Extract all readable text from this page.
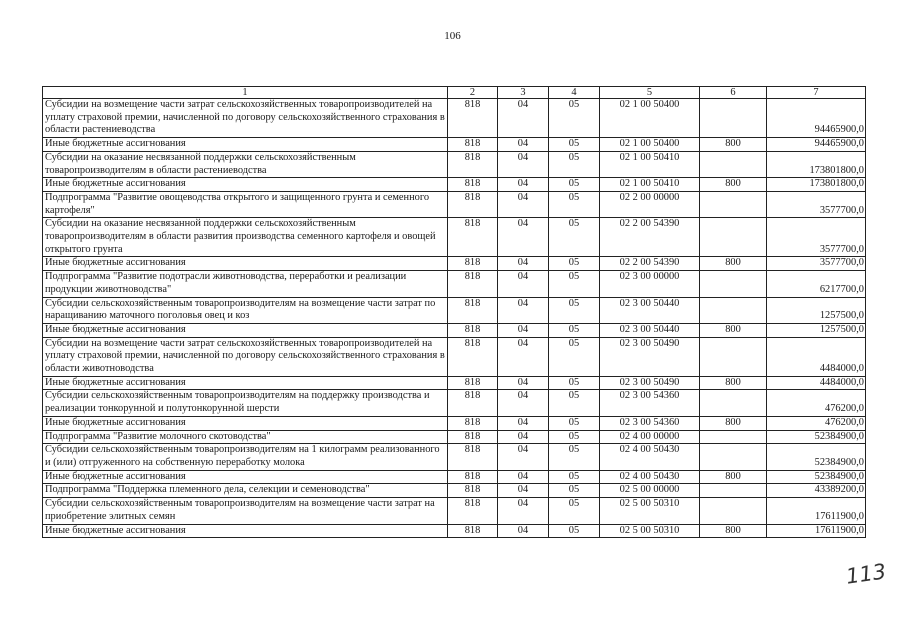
106
1	2	3	4	5	6	7
Субсидии на возмещение части затрат сельскохозяйственных товаропроизводителей на уплату страховой премии, начисленной по договору сельскохозяйственного страхования в области растениеводства	818	04	05	02 1 00 50400		94465900,0
Иные бюджетные ассигнования	818	04	05	02 1 00 50400	800	94465900,0
Субсидии на оказание несвязанной поддержки сельскохозяйственным товаропроизводителям в области растениеводства	818	04	05	02 1 00 50410		173801800,0
Иные бюджетные ассигнования	818	04	05	02 1 00 50410	800	173801800,0
Подпрограмма "Развитие овощеводства открытого и защищенного грунта и семенного картофеля"	818	04	05	02 2 00 00000		3577700,0
Субсидии на оказание несвязанной поддержки сельскохозяйственным товаропроизводителям в области развития производства семенного картофеля и овощей открытого грунта	818	04	05	02 2 00 54390		3577700,0
Иные бюджетные ассигнования	818	04	05	02 2 00 54390	800	3577700,0
Подпрограмма "Развитие подотрасли животноводства, переработки и реализации продукции животноводства"	818	04	05	02 3 00 00000		6217700,0
Субсидии сельскохозяйственным товаропроизводителям на возмещение части затрат по наращиванию маточного поголовья овец и коз	818	04	05	02 3 00 50440		1257500,0
Иные бюджетные ассигнования	818	04	05	02 3 00 50440	800	1257500,0
Субсидии на возмещение части затрат сельскохозяйственных товаропроизводителей на уплату страховой премии, начисленной по договору сельскохозяйственного страхования в области животноводства	818	04	05	02 3 00 50490		4484000,0
Иные бюджетные ассигнования	818	04	05	02 3 00 50490	800	4484000,0
Субсидии сельскохозяйственным товаропроизводителям на поддержку производства и реализации тонкорунной и полутонкорунной шерсти	818	04	05	02 3 00 54360		476200,0
Иные бюджетные ассигнования	818	04	05	02 3 00 54360	800	476200,0
Подпрограмма "Развитие молочного скотоводства"	818	04	05	02 4 00 00000		52384900,0
Субсидии сельскохозяйственным товаропроизводителям на 1 килограмм реализованного и (или) отгруженного на собственную переработку молока	818	04	05	02 4 00 50430		52384900,0
Иные бюджетные ассигнования	818	04	05	02 4 00 50430	800	52384900,0
Подпрограмма "Поддержка племенного дела, селекции и семеноводства"	818	04	05	02 5 00 00000		43389200,0
Субсидии сельскохозяйственным товаропроизводителям на возмещение части затрат на приобретение элитных семян	818	04	05	02 5 00 50310		17611900,0
Иные бюджетные ассигнования	818	04	05	02 5 00 50310	800	17611900,0
113
